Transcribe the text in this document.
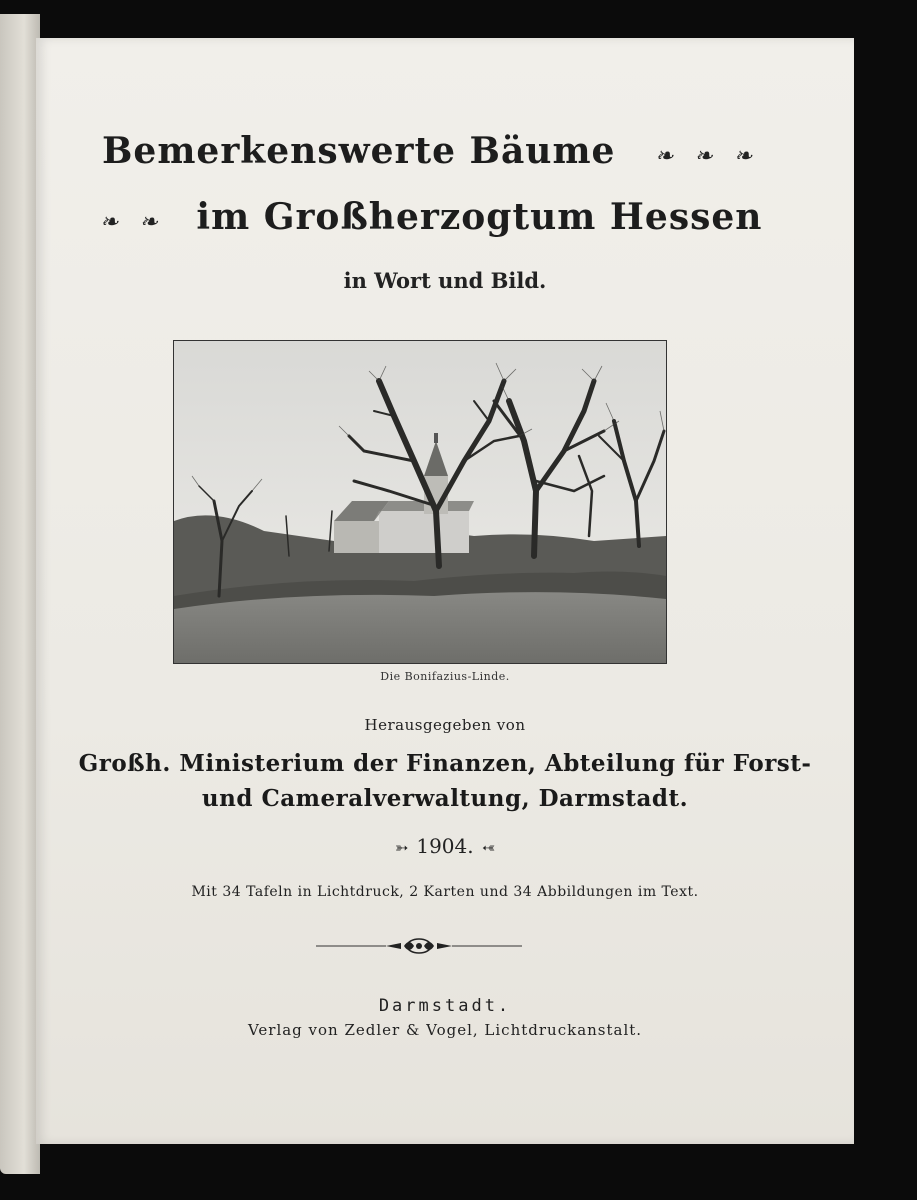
Bemerkenswerte Bäume ❧ ❧ ❧
❧ ❧ im Großherzogtum Hessen
in Wort und Bild.
Die Bonifazius-Linde.
Herausgegeben von
Großh. Ministerium der Finanzen, Abteilung für Forst-
und Cameralverwaltung, Darmstadt.
➳ 1904. ➳
Mit 34 Tafeln in Lichtdruck, 2 Karten und 34 Abbildungen im Text.
Darmstadt.
Verlag von Zedler & Vogel, Lichtdruckanstalt.
